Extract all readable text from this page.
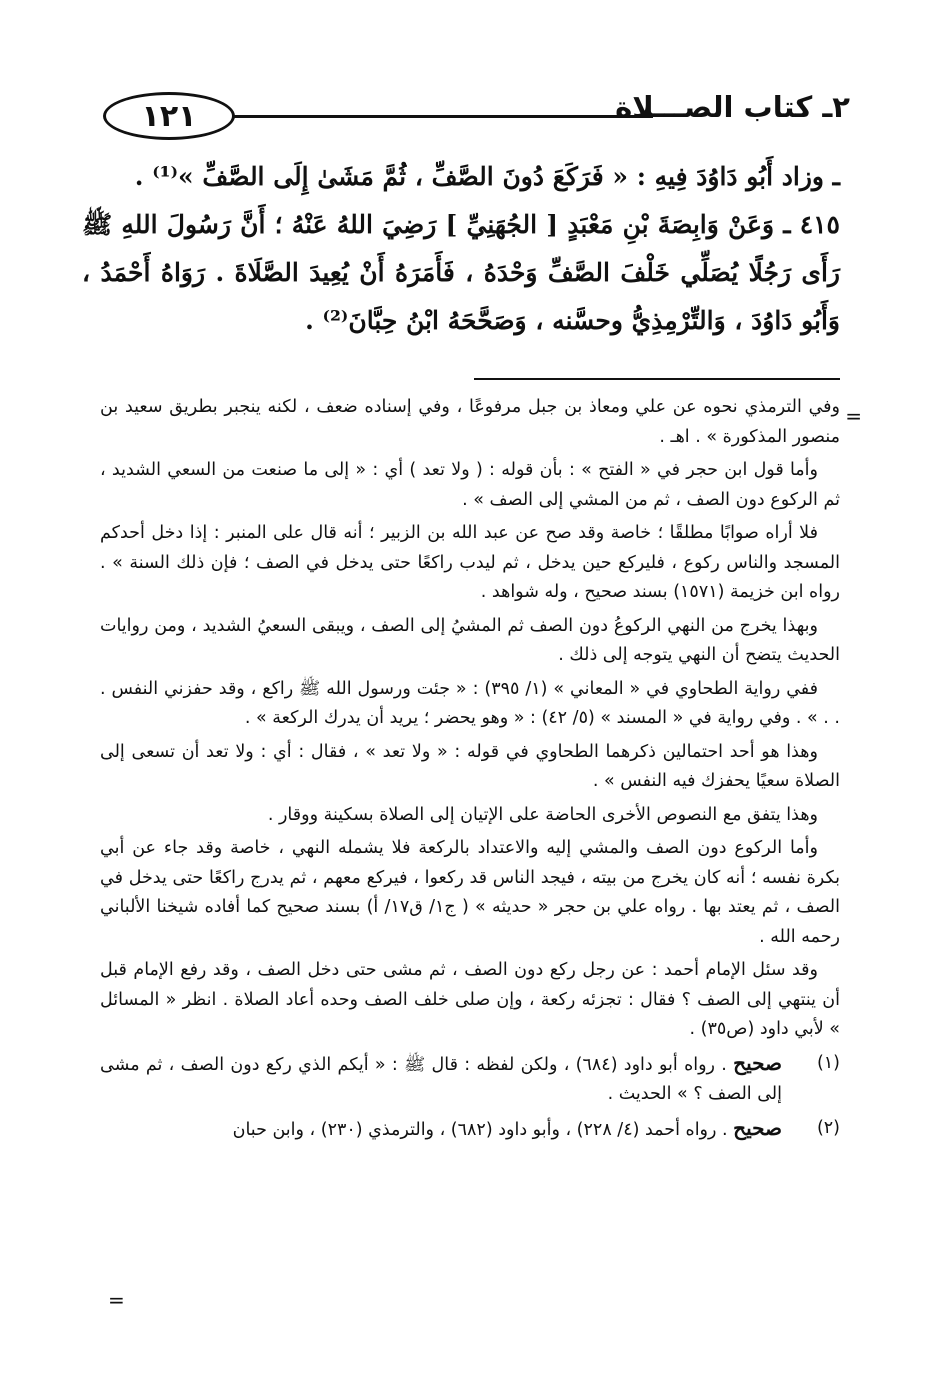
١٢١	٢ـ كتاب الصـــلاة

ـ وزاد أَبُو دَاوُدَ فِيهِ : « فَرَكَعَ دُونَ الصَّفِّ ، ثُمَّ مَشَىٰ إِلَى الصَّفِّ »⁽¹⁾ .

٤١٥ ـ وَعَنْ وَابِصَةَ بْنِ مَعْبَدٍ [ الجُهَنِيِّ ] رَضِيَ اللهُ عَنْهُ ؛ أَنَّ رَسُولَ اللهِ ﷺ رَأَى رَجُلًا يُصَلِّي خَلْفَ الصَّفِّ وَحْدَهُ ، فَأَمَرَهُ أَنْ يُعِيدَ الصَّلَاةَ . رَوَاهُ أَحْمَدُ ، وَأَبُو دَاوُدَ ، وَالتِّرْمِذِيُّ وحسَّنه ، وَصَحَّحَهُ ابْنُ حِبَّانَ⁽²⁾ .

=

وفي الترمذي نحوه عن علي ومعاذ بن جبل مرفوعًا ، وفي إسناده ضعف ، لكنه ينجبر بطريق سعيد بن منصور المذكورة » . اهـ .

وأما قول ابن حجر في « الفتح » : بأن قوله : ( ولا تعد ) أي : « إلى ما صنعت من السعي الشديد ، ثم الركوع دون الصف ، ثم من المشي إلى الصف » .

فلا أراه صوابًا مطلقًا ؛ خاصة وقد صح عن عبد الله بن الزبير ؛ أنه قال على المنبر : إذا دخل أحدكم المسجد والناس ركوع ، فليركع حين يدخل ، ثم ليدب راكعًا حتى يدخل في الصف ؛ فإن ذلك السنة » . رواه ابن خزيمة (١٥٧١) بسند صحيح ، وله شواهد .

وبهذا يخرج من النهي الركوعُ دون الصف ثم المشيُ إلى الصف ، ويبقى السعيُ الشديد ، ومن روايات الحديث يتضح أن النهي يتوجه إلى ذلك .

ففي رواية الطحاوي في « المعاني » (١/ ٣٩٥) : « جئت ورسول الله ﷺ راكع ، وقد حفزني النفس . . . » . وفي رواية في « المسند » (٥/ ٤٢) : « وهو يحضر ؛ يريد أن يدرك الركعة » .

وهذا هو أحد احتمالين ذكرهما الطحاوي في قوله : « ولا تعد » ، فقال : أي : ولا تعد أن تسعى إلى الصلاة سعيًا يحفزك فيه النفس » .

وهذا يتفق مع النصوص الأخرى الحاضة على الإتيان إلى الصلاة بسكينة ووقار .

وأما الركوع دون الصف والمشي إليه والاعتداد بالركعة فلا يشمله النهي ، خاصة وقد جاء عن أبي بكرة نفسه ؛ أنه كان يخرج من بيته ، فيجد الناس قد ركعوا ، فيركع معهم ، ثم يدرج راكعًا حتى يدخل في الصف ، ثم يعتد بها . رواه علي بن حجر « حديثه » ( ج١/ ق١٧/ أ) بسند صحيح كما أفاده شيخنا الألباني رحمه الله .

وقد سئل الإمام أحمد : عن رجل ركع دون الصف ، ثم مشى حتى دخل الصف ، وقد رفع الإمام قبل أن ينتهي إلى الصف ؟ فقال : تجزئه ركعة ، وإن صلى خلف الصف وحده أعاد الصلاة . انظر « المسائل » لأبي داود (ص٣٥) .

(١)
صحيح . رواه أبو داود (٦٨٤) ، ولكن لفظه : قال ﷺ : « أيكم الذي ركع دون الصف ، ثم مشى إلى الصف ؟ » الحديث .

(٢)
صحيح . رواه أحمد (٤/ ٢٢٨) ، وأبو داود (٦٨٢) ، والترمذي (٢٣٠) ، وابن حبان

=
